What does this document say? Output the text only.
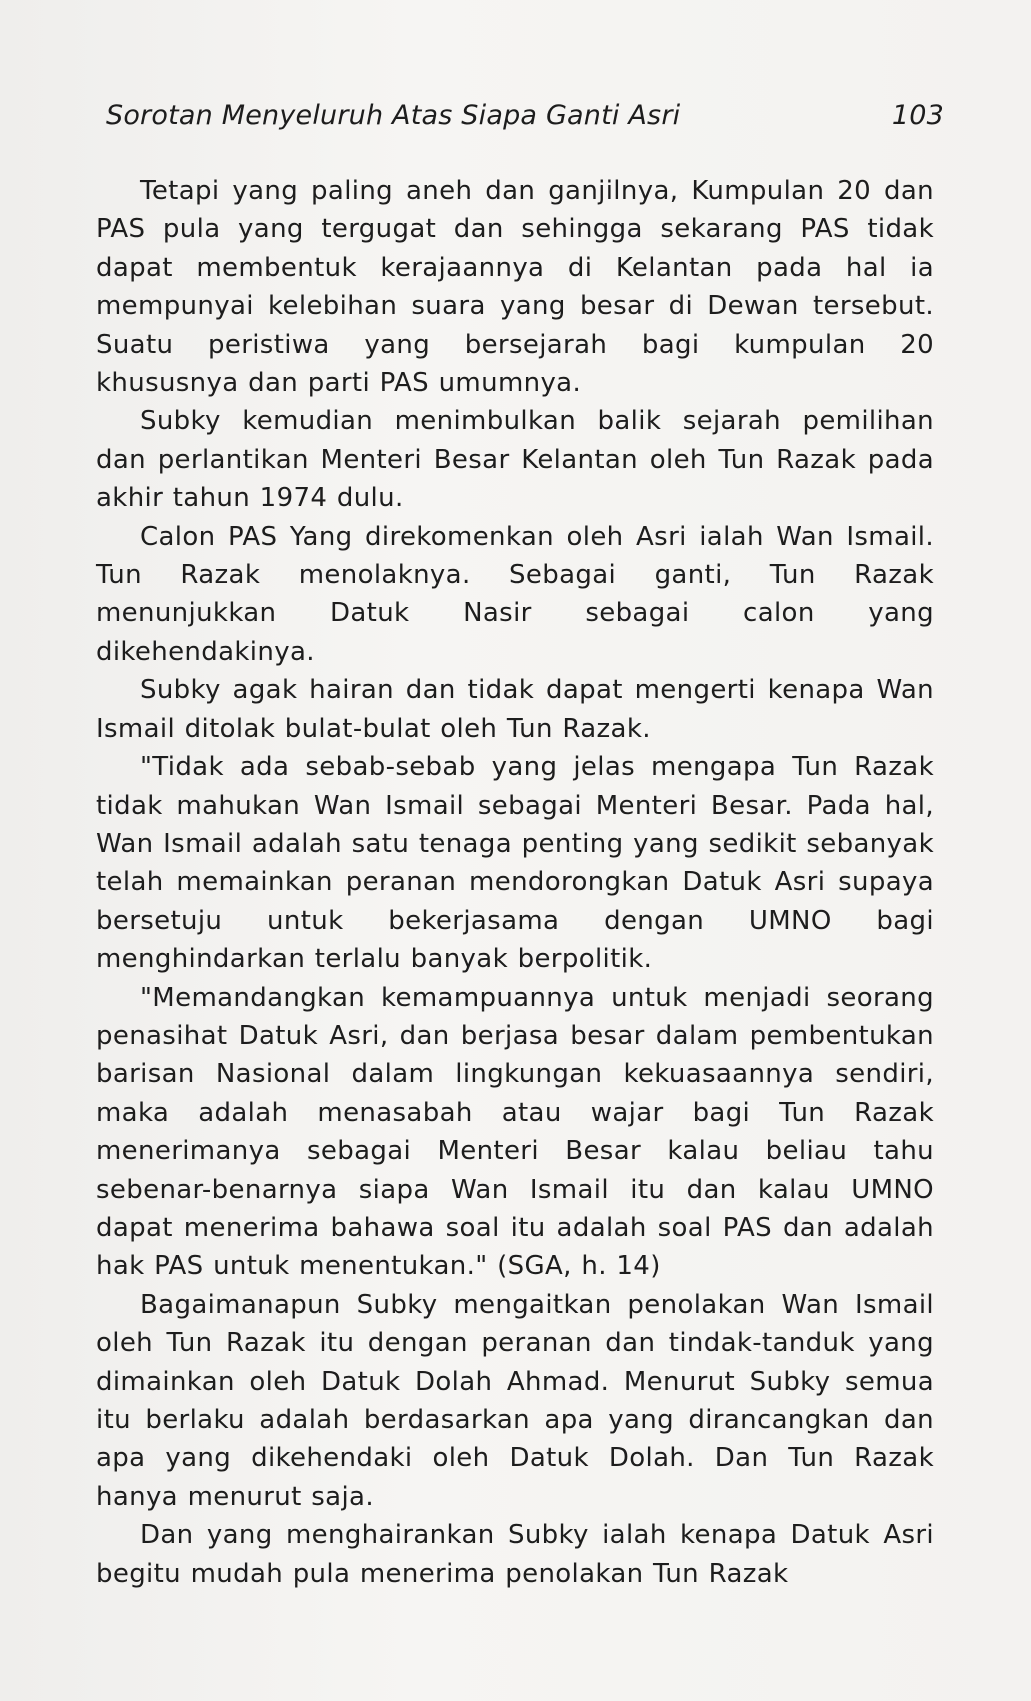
Sorotan Menyeluruh Atas Siapa Ganti Asri	103

Tetapi yang paling aneh dan ganjilnya, Kumpulan 20 dan PAS pula yang tergugat dan sehingga sekarang PAS tidak dapat membentuk kerajaannya di Kelantan pada hal ia mempunyai kelebihan suara yang besar di Dewan tersebut. Suatu peristiwa yang bersejarah bagi kumpulan 20 khususnya dan parti PAS umumnya.

Subky kemudian menimbulkan balik sejarah pemilihan dan perlantikan Menteri Besar Kelantan oleh Tun Razak pada akhir tahun 1974 dulu.

Calon PAS Yang direkomenkan oleh Asri ialah Wan Ismail. Tun Razak menolaknya. Sebagai ganti, Tun Razak menunjukkan Datuk Nasir sebagai calon yang dikehendakinya.

Subky agak hairan dan tidak dapat mengerti kenapa Wan Ismail ditolak bulat-bulat oleh Tun Razak.

"Tidak ada sebab-sebab yang jelas mengapa Tun Razak tidak mahukan Wan Ismail sebagai Menteri Besar. Pada hal, Wan Ismail adalah satu tenaga penting yang sedikit sebanyak telah memainkan peranan mendorongkan Datuk Asri supaya bersetuju untuk bekerjasama dengan UMNO bagi menghindarkan terlalu banyak berpolitik.

"Memandangkan kemampuannya untuk menjadi seorang penasihat Datuk Asri, dan berjasa besar dalam pembentukan barisan Nasional dalam lingkungan kekuasaannya sendiri, maka adalah menasabah atau wajar bagi Tun Razak menerimanya sebagai Menteri Besar kalau beliau tahu sebenar-benarnya siapa Wan Ismail itu dan kalau UMNO dapat menerima bahawa soal itu adalah soal PAS dan adalah hak PAS untuk menentukan." (SGA, h. 14)

Bagaimanapun Subky mengaitkan penolakan Wan Ismail oleh Tun Razak itu dengan peranan dan tindak-tanduk yang dimainkan oleh Datuk Dolah Ahmad. Menurut Subky semua itu berlaku adalah berdasarkan apa yang dirancangkan dan apa yang dikehendaki oleh Datuk Dolah. Dan Tun Razak hanya menurut saja.

Dan yang menghairankan Subky ialah kenapa Datuk Asri begitu mudah pula menerima penolakan Tun Razak
